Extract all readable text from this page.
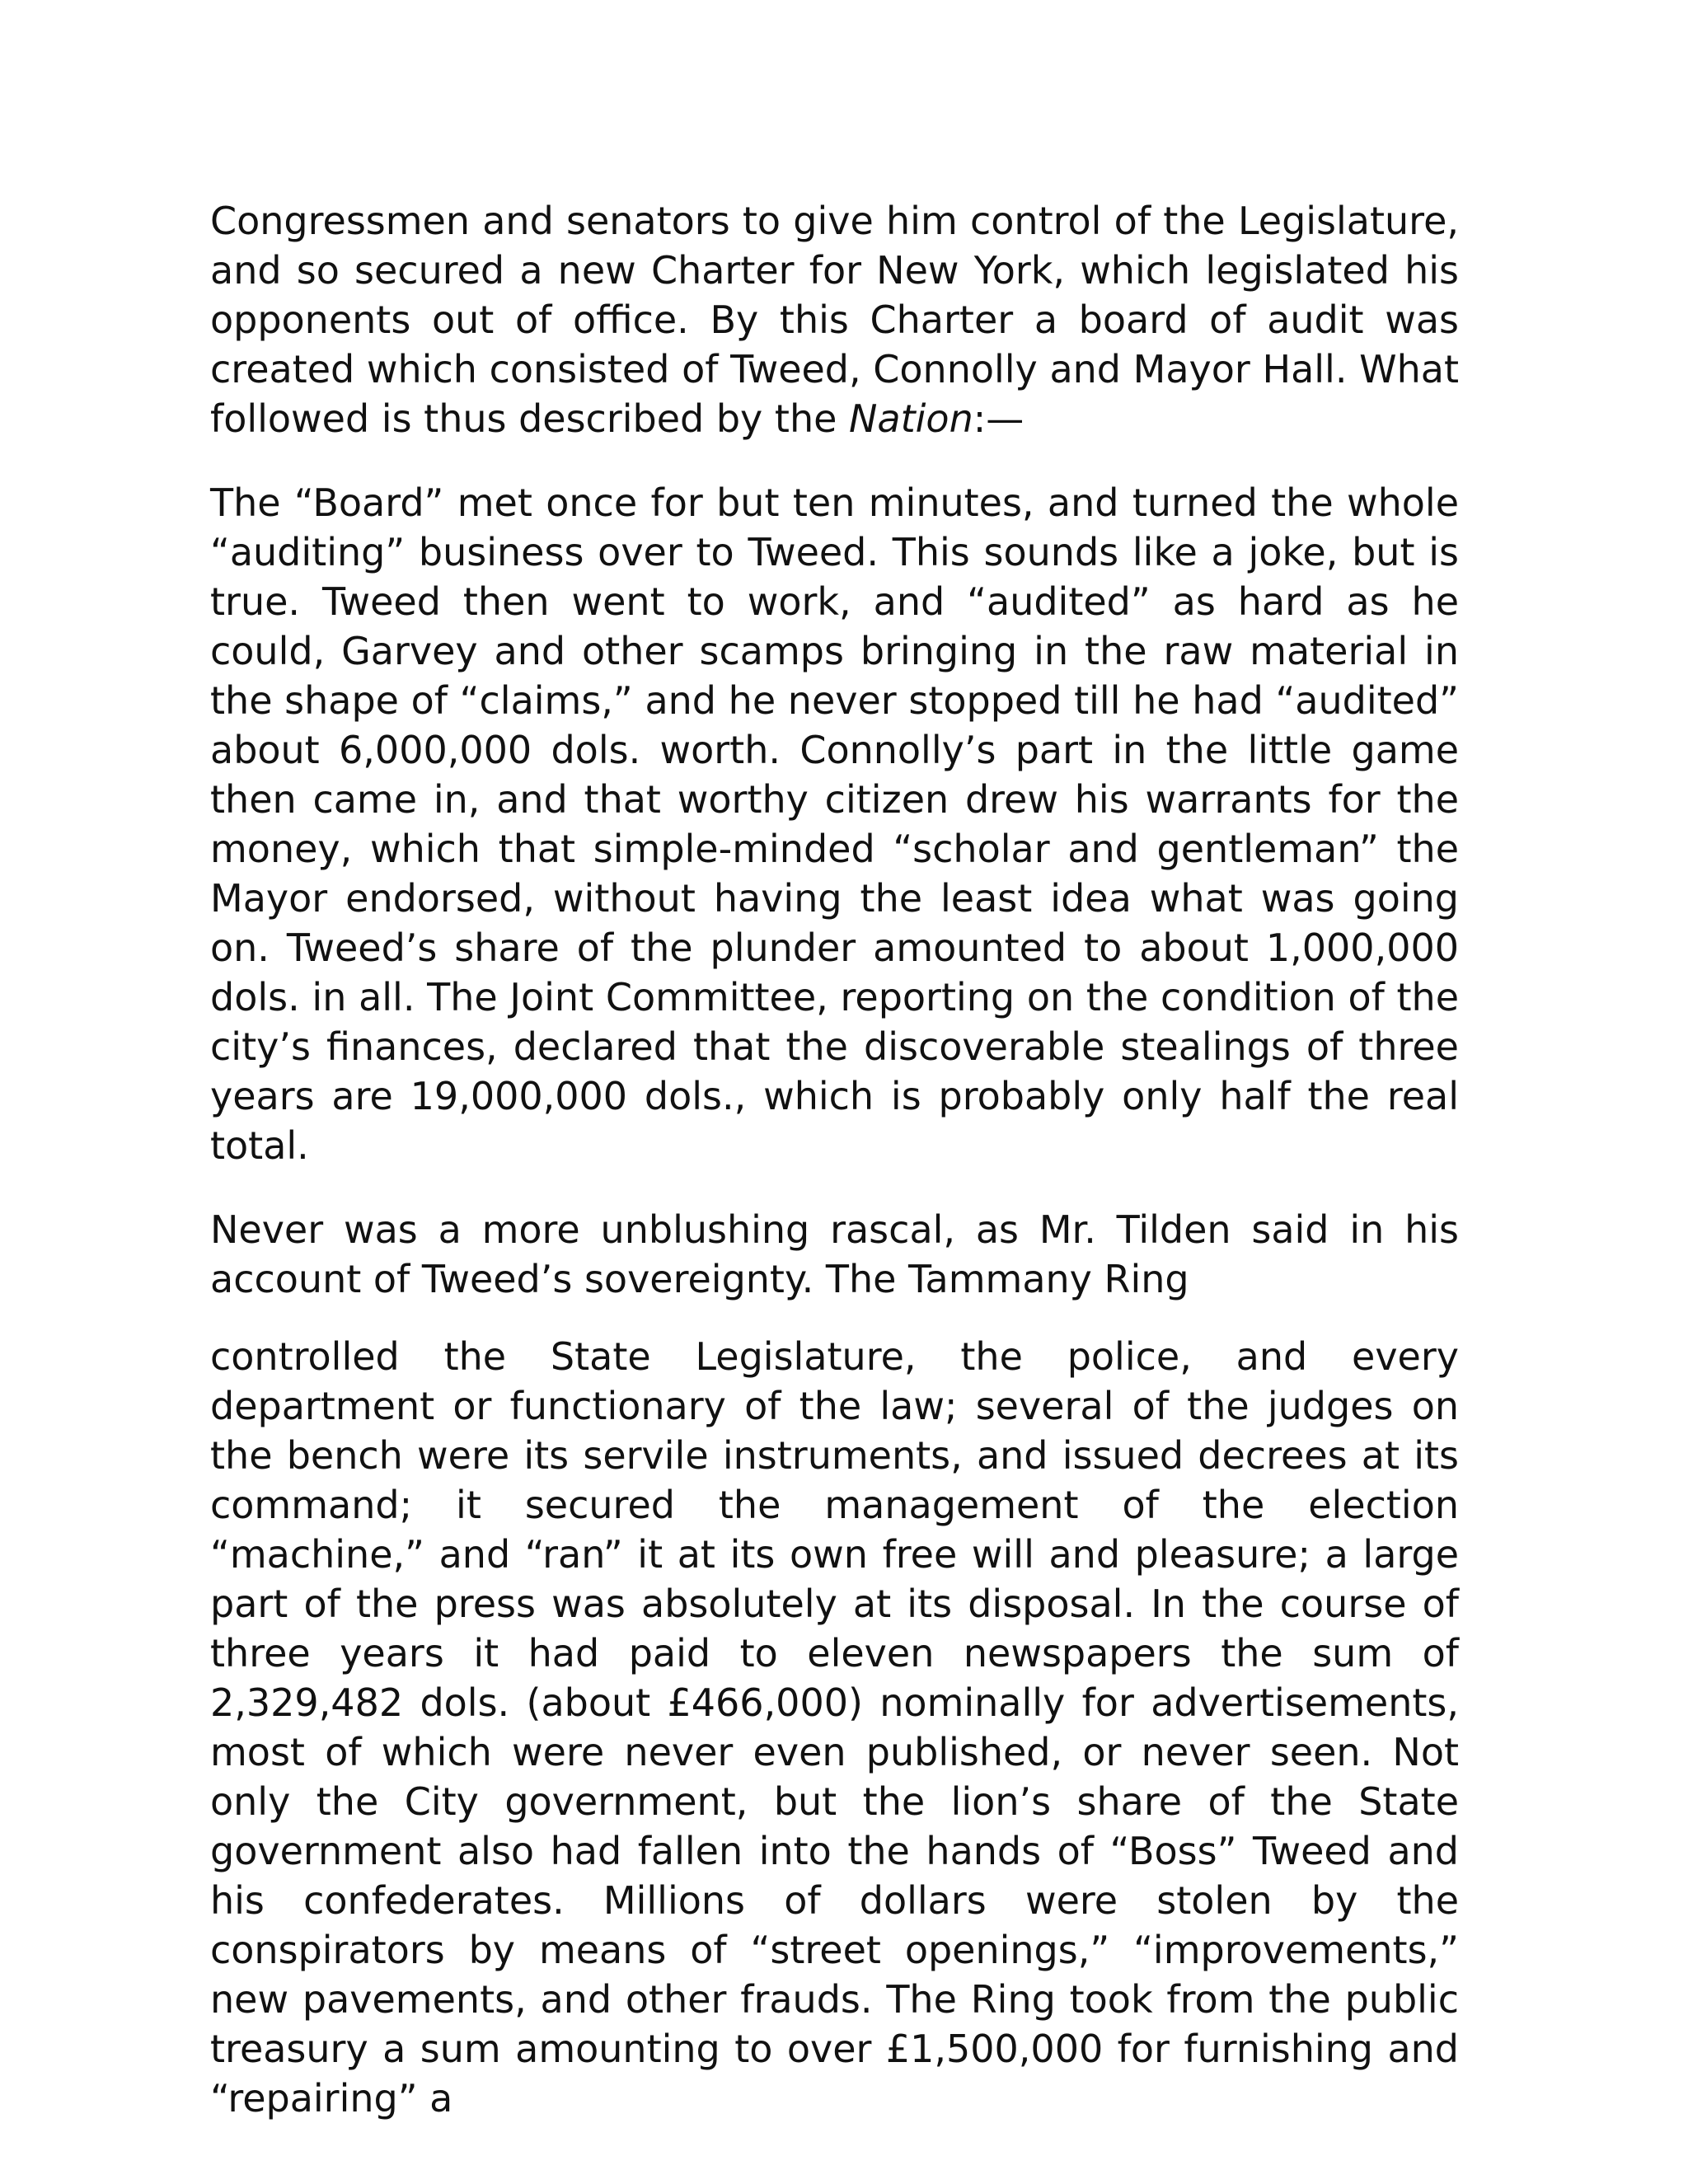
Congressmen and senators to give him control of the Legislature, and so secured a new Charter for New York, which legislated his opponents out of office. By this Charter a board of audit was created which consisted of Tweed, Connolly and Mayor Hall. What followed is thus described by the Nation:—

The “Board” met once for but ten minutes, and turned the whole “auditing” business over to Tweed. This sounds like a joke, but is true. Tweed then went to work, and “audited” as hard as he could, Garvey and other scamps bringing in the raw material in the shape of “claims,” and he never stopped till he had “audited” about 6,000,000 dols. worth. Connolly’s part in the little game then came in, and that worthy citizen drew his warrants for the money, which that simple-minded “scholar and gentleman” the Mayor endorsed, without having the least idea what was going on. Tweed’s share of the plunder amounted to about 1,000,000 dols. in all. The Joint Committee, reporting on the condition of the city’s finances, declared that the discoverable stealings of three years are 19,000,000 dols., which is probably only half the real total.

Never was a more unblushing rascal, as Mr. Tilden said in his account of Tweed’s sovereignty. The Tammany Ring

controlled the State Legislature, the police, and every department or functionary of the law; several of the judges on the bench were its servile instruments, and issued decrees at its command; it secured the management of the election “machine,” and “ran” it at its own free will and pleasure; a large part of the press was absolutely at its disposal. In the course of three years it had paid to eleven newspapers the sum of 2,329,482 dols. (about £466,000) nominally for advertisements, most of which were never even published, or never seen. Not only the City government, but the lion’s share of the State government also had fallen into the hands of “Boss” Tweed and his confederates. Millions of dollars were stolen by the conspirators by means of “street openings,” “improvements,” new pavements, and other frauds. The Ring took from the public treasury a sum amounting to over £1,500,000 for furnishing and “repairing” a
